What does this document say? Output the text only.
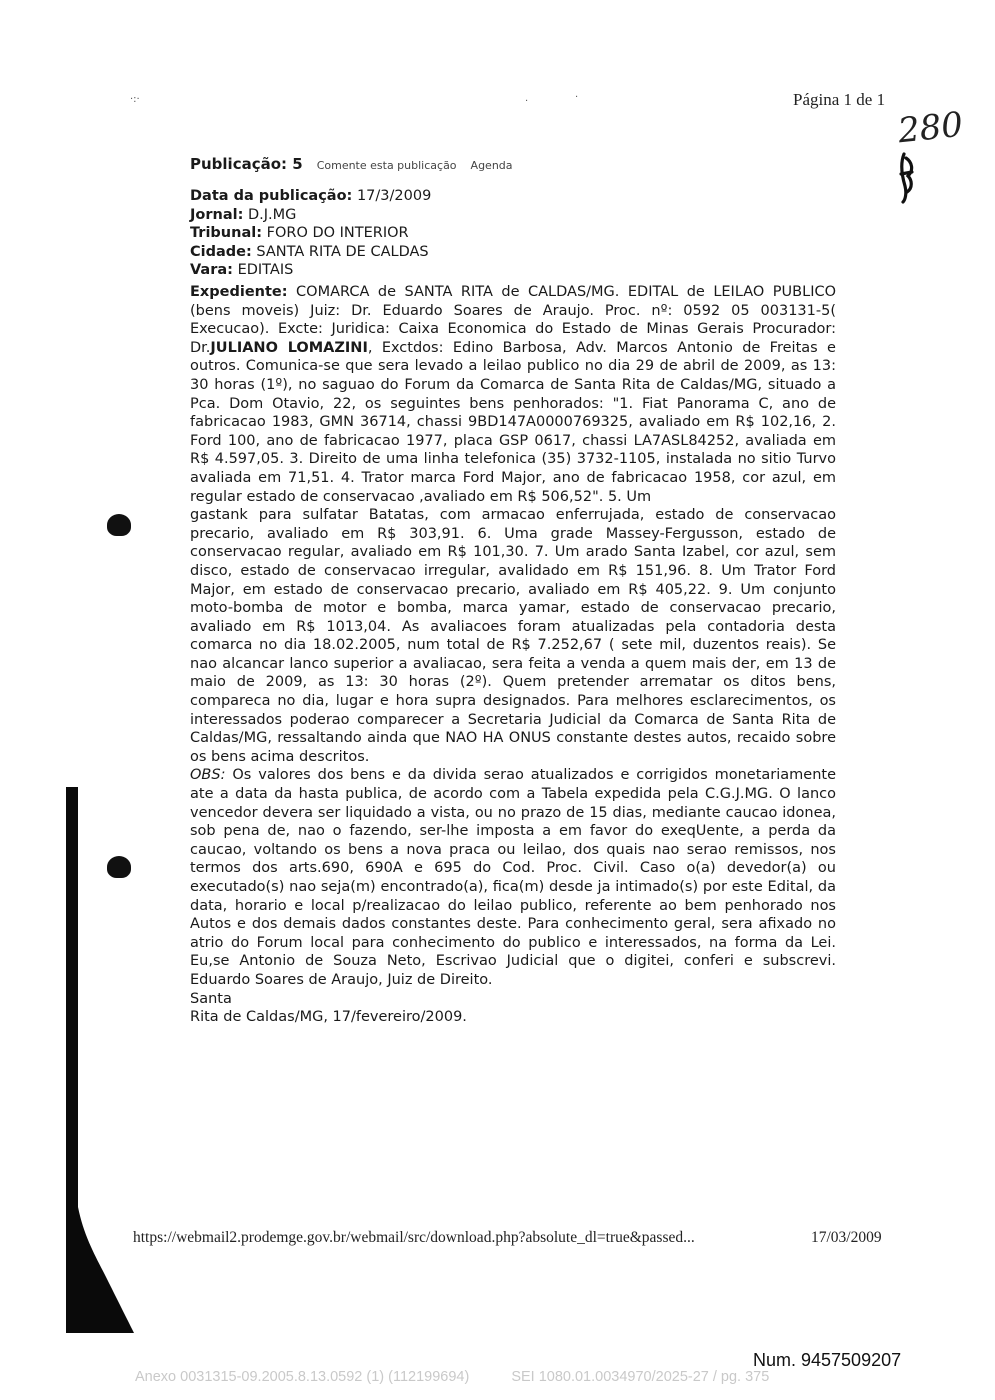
·:·	·	·	Página 1 de 1
280
Publicação: 5 Comente esta publicação Agenda
Data da publicação: 17/3/2009
Jornal: D.J.MG
Tribunal: FORO DO INTERIOR
Cidade: SANTA RITA DE CALDAS
Vara: EDITAIS

Expediente: COMARCA de SANTA RITA de CALDAS/MG. EDITAL de LEILAO PUBLICO (bens moveis) Juiz: Dr. Eduardo Soares de Araujo. Proc. nº: 0592 05 003131-5( Execucao). Excte: Juridica: Caixa Economica do Estado de Minas Gerais Procurador: Dr.JULIANO LOMAZINI, Exctdos: Edino Barbosa, Adv. Marcos Antonio de Freitas e outros. Comunica-se que sera levado a leilao publico no dia 29 de abril de 2009, as 13: 30 horas (1º), no saguao do Forum da Comarca de Santa Rita de Caldas/MG, situado a Pca. Dom Otavio, 22, os seguintes bens penhorados: "1. Fiat Panorama C, ano de fabricacao 1983, GMN 36714, chassi 9BD147A0000769325, avaliado em R$ 102,16, 2. Ford 100, ano de fabricacao 1977, placa GSP 0617, chassi LA7ASL84252, avaliada em R$ 4.597,05. 3. Direito de uma linha telefonica (35) 3732-1105, instalada no sitio Turvo avaliada em 71,51. 4. Trator marca Ford Major, ano de fabricacao 1958, cor azul, em regular estado de conservacao ,avaliado em R$ 506,52". 5. Um

gastank para sulfatar Batatas, com armacao enferrujada, estado de conservacao precario, avaliado em R$ 303,91. 6. Uma grade Massey-Fergusson, estado de conservacao regular, avaliado em R$ 101,30. 7. Um arado Santa Izabel, cor azul, sem disco, estado de conservacao irregular, avalidado em R$ 151,96. 8. Um Trator Ford Major, em estado de conservacao precario, avaliado em R$ 405,22. 9. Um conjunto moto-bomba de motor e bomba, marca yamar, estado de conservacao precario, avaliado em R$ 1013,04. As avaliacoes foram atualizadas pela contadoria desta comarca no dia 18.02.2005, num total de R$ 7.252,67 ( sete mil, duzentos reais). Se nao alcancar lanco superior a avaliacao, sera feita a venda a quem mais der, em 13 de maio de 2009, as 13: 30 horas (2º). Quem pretender arrematar os ditos bens, compareca no dia, lugar e hora supra designados. Para melhores esclarecimentos, os interessados poderao comparecer a Secretaria Judicial da Comarca de Santa Rita de Caldas/MG, ressaltando ainda que NAO HA ONUS constante destes autos, recaido sobre os bens acima descritos.

OBS: Os valores dos bens e da divida serao atualizados e corrigidos monetariamente ate a data da hasta publica, de acordo com a Tabela expedida pela C.G.J.MG. O lanco vencedor devera ser liquidado a vista, ou no prazo de 15 dias, mediante caucao idonea, sob pena de, nao o fazendo, ser-lhe imposta a em favor do exeqUente, a perda da caucao, voltando os bens a nova praca ou leilao, dos quais nao serao remissos, nos termos dos arts.690, 690A e 695 do Cod. Proc. Civil. Caso o(a) devedor(a) ou executado(s) nao seja(m) encontrado(a), fica(m) desde ja intimado(s) por este Edital, da data, horario e local p/realizacao do leilao publico, referente ao bem penhorado nos Autos e dos demais dados constantes deste. Para conhecimento geral, sera afixado no atrio do Forum local para conhecimento do publico e interessados, na forma da Lei. Eu,se Antonio de Souza Neto, Escrivao Judicial que o digitei, conferi e subscrevi. Eduardo Soares de Araujo, Juiz de Direito.

Santa

Rita de Caldas/MG, 17/fevereiro/2009.

https://webmail2.prodemge.gov.br/webmail/src/download.php?absolute_dl=true&passed...	17/03/2009
Num. 9457509207
Anexo 0031315-09.2005.8.13.0592 (1) (112199694)	SEI 1080.01.0034970/2025-27 / pg. 375
